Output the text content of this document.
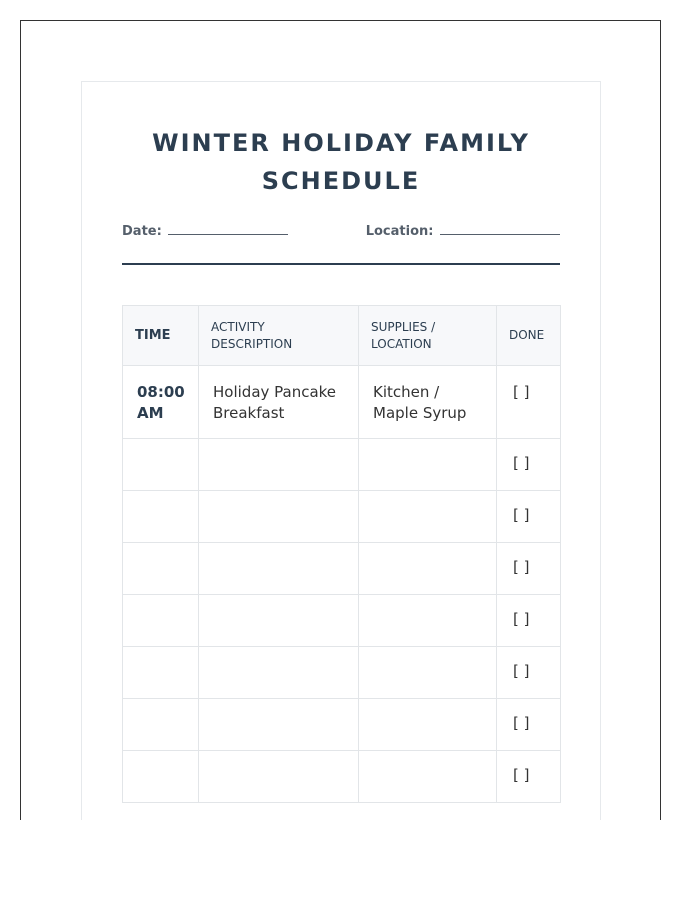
WINTER HOLIDAY FAMILY SCHEDULE
Date:	Location:
TIME	ACTIVITY DESCRIPTION	SUPPLIES / LOCATION	DONE
08:00 AM	Holiday Pancake Breakfast	Kitchen / Maple Syrup	[ ]
			[ ]
			[ ]
			[ ]
			[ ]
			[ ]
			[ ]
			[ ]
